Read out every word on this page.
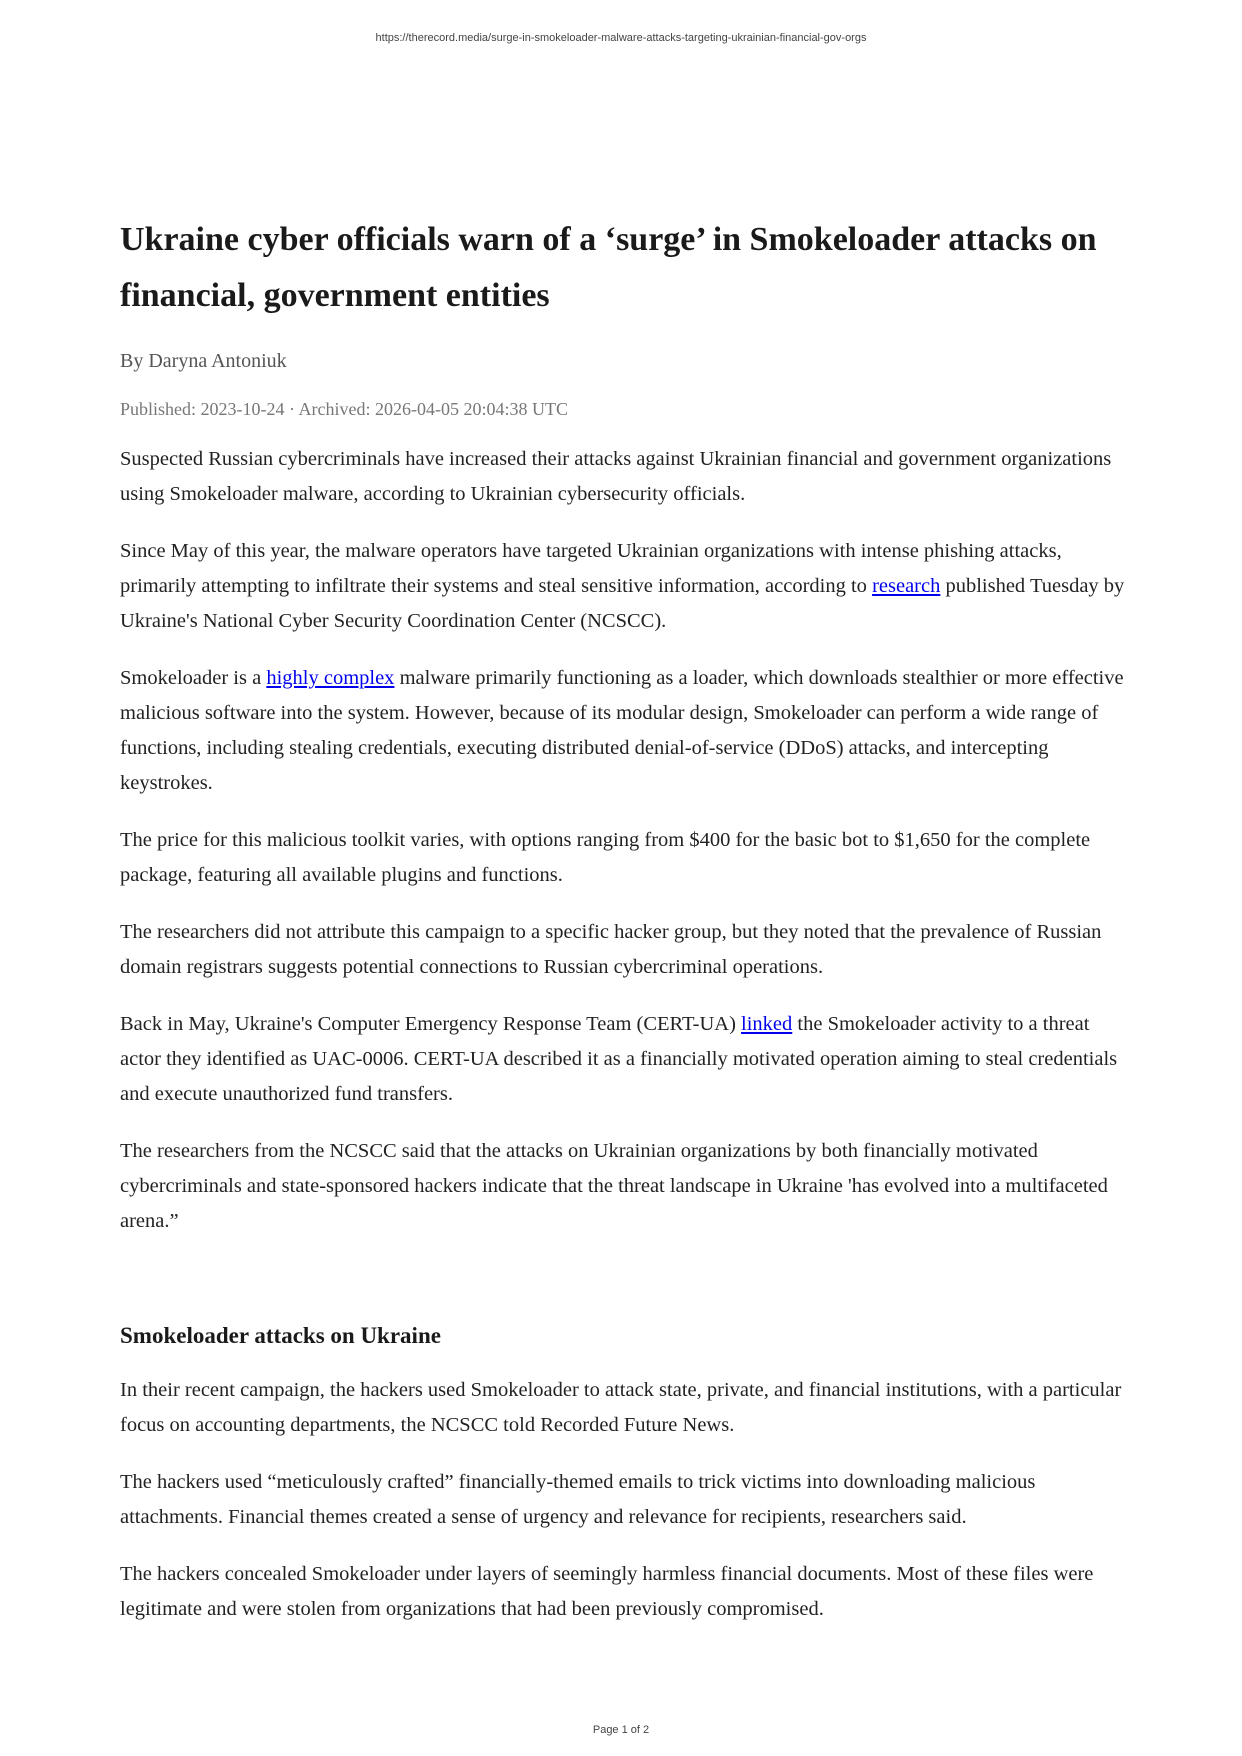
https://therecord.media/surge-in-smokeloader-malware-attacks-targeting-ukrainian-financial-gov-orgs
Ukraine cyber officials warn of a ‘surge’ in Smokeloader attacks on financial, government entities
By Daryna Antoniuk
Published: 2023-10-24 · Archived: 2026-04-05 20:04:38 UTC

Suspected Russian cybercriminals have increased their attacks against Ukrainian financial and government organizations using Smokeloader malware, according to Ukrainian cybersecurity officials.

Since May of this year, the malware operators have targeted Ukrainian organizations with intense phishing attacks, primarily attempting to infiltrate their systems and steal sensitive information, according to research published Tuesday by Ukraine's National Cyber Security Coordination Center (NCSCC).

Smokeloader is a highly complex malware primarily functioning as a loader, which downloads stealthier or more effective malicious software into the system. However, because of its modular design, Smokeloader can perform a wide range of functions, including stealing credentials, executing distributed denial-of-service (DDoS) attacks, and intercepting keystrokes.

The price for this malicious toolkit varies, with options ranging from $400 for the basic bot to $1,650 for the complete package, featuring all available plugins and functions.

The researchers did not attribute this campaign to a specific hacker group, but they noted that the prevalence of Russian domain registrars suggests potential connections to Russian cybercriminal operations.

Back in May, Ukraine's Computer Emergency Response Team (CERT-UA) linked the Smokeloader activity to a threat actor they identified as UAC-0006. CERT-UA described it as a financially motivated operation aiming to steal credentials and execute unauthorized fund transfers.

The researchers from the NCSCC said that the attacks on Ukrainian organizations by both financially motivated cybercriminals and state-sponsored hackers indicate that the threat landscape in Ukraine 'has evolved into a multifaceted arena.”

Smokeloader attacks on Ukraine

In their recent campaign, the hackers used Smokeloader to attack state, private, and financial institutions, with a particular focus on accounting departments, the NCSCC told Recorded Future News.

The hackers used “meticulously crafted” financially-themed emails to trick victims into downloading malicious attachments. Financial themes created a sense of urgency and relevance for recipients, researchers said.

The hackers concealed Smokeloader under layers of seemingly harmless financial documents. Most of these files were legitimate and were stolen from organizations that had been previously compromised.

Page 1 of 2
